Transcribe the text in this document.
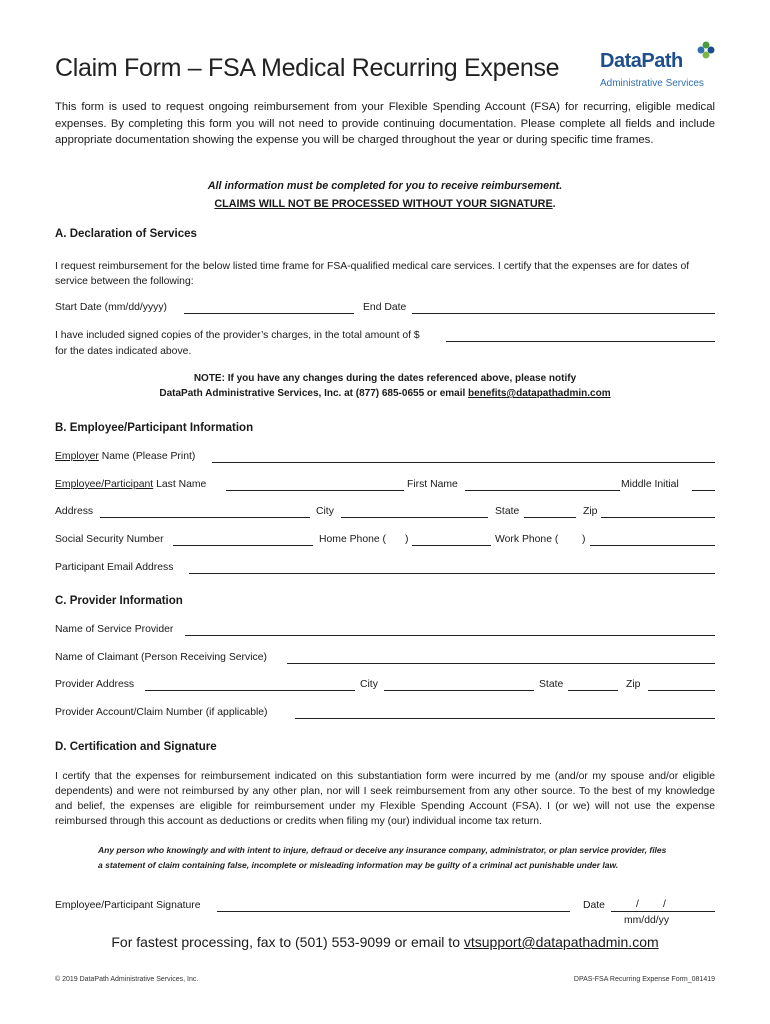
Claim Form – FSA Medical Recurring Expense DataPath
Administrative Services
This form is used to request ongoing reimbursement from your Flexible Spending Account (FSA) for recurring, eligible medical expenses. By completing this form you will not need to provide continuing documentation. Please complete all fields and include appropriate documentation showing the expense you will be charged throughout the year or during specific time frames.
All information must be completed for you to receive reimbursement.
CLAIMS WILL NOT BE PROCESSED WITHOUT YOUR SIGNATURE.
A. Declaration of Services
I request reimbursement for the below listed time frame for FSA-qualified medical care services. I certify that the expenses are for dates of service between the following:
Start Date (mm/dd/yyyy)	End Date
I have included signed copies of the provider’s charges, in the total amount of $
for the dates indicated above.
NOTE: If you have any changes during the dates referenced above, please notify
DataPath Administrative Services, Inc. at (877) 685-0655 or email benefits@datapathadmin.com
B. Employee/Participant Information
Employer Name (Please Print)
Employee/Participant Last Name	First Name	Middle Initial
Address	City	State	Zip
Social Security Number	Home Phone ( )	Work Phone ( )
Participant Email Address
C. Provider Information
Name of Service Provider
Name of Claimant (Person Receiving Service)
Provider Address	City	State	Zip
Provider Account/Claim Number (if applicable)
D. Certification and Signature
I certify that the expenses for reimbursement indicated on this substantiation form were incurred by me (and/or my spouse and/or eligible dependents) and were not reimbursed by any other plan, nor will I seek reimbursement from any other source. To the best of my knowledge and belief, the expenses are eligible for reimbursement under my Flexible Spending Account (FSA). I (or we) will not use the expense reimbursed through this account as deductions or credits when filing my (our) individual income tax return.
Any person who knowingly and with intent to injure, defraud or deceive any insurance company, administrator, or plan service provider, files a statement of claim containing false, incomplete or misleading information may be guilty of a criminal act punishable under law.
Employee/Participant Signature	Date	/ /
mm/dd/yy
For fastest processing, fax to (501) 553-9099 or email to vtsupport@datapathadmin.com
© 2019 DataPath Administrative Services, Inc.	DPAS-FSA Recurring Expense Form_081419
